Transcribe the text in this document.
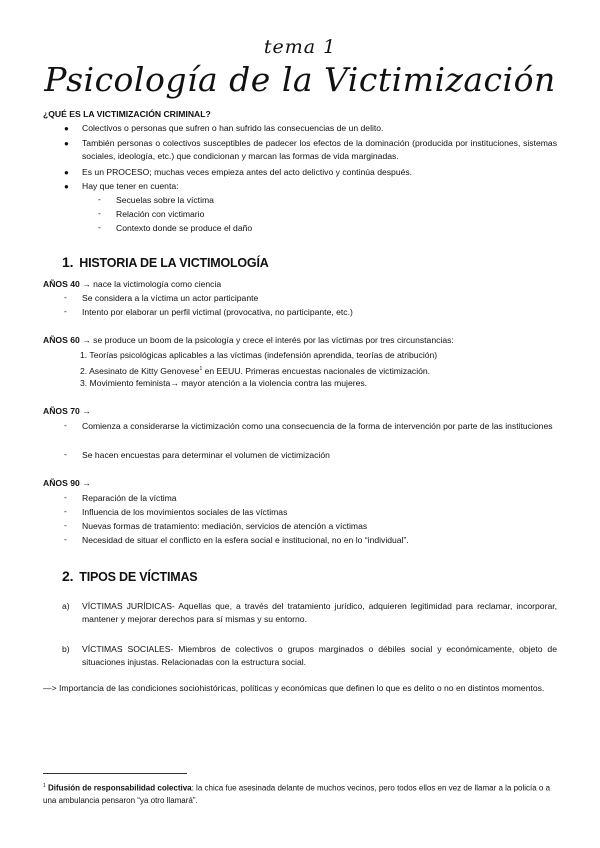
tema 1
Psicología de la Victimización
¿QUÉ ES LA VICTIMIZACIÓN CRIMINAL?
● Colectivos o personas que sufren o han sufrido las consecuencias de un delito.
● También personas o colectivos susceptibles de padecer los efectos de la dominación (producida por instituciones, sistemas sociales, ideología, etc.) que condicionan y marcan las formas de vida marginadas.
● Es un PROCESO; muchas veces empieza antes del acto delictivo y continúa después.
● Hay que tener en cuenta:
- Secuelas sobre la víctima
- Relación con victimario
- Contexto donde se produce el daño
1. HISTORIA DE LA VICTIMOLOGÍA
AÑOS 40 → nace la victimología como ciencia
- Se considera a la víctima un actor participante
- Intento por elaborar un perfil victimal (provocativa, no participante, etc.)
AÑOS 60 → se produce un boom de la psicología y crece el interés por las víctimas por tres circunstancias:
1. Teorías psicológicas aplicables a las víctimas (indefensión aprendida, teorías de atribución)
2. Asesinato de Kitty Genovese$^1$ en EEUU. Primeras encuestas nacionales de victimización.
3. Movimiento feminista→ mayor atención a la violencia contra las mujeres.
AÑOS 70 →
- Comienza a considerarse la victimización como una consecuencia de la forma de intervención por parte de las instituciones
- Se hacen encuestas para determinar el volumen de victimización
AÑOS 90 →
- Reparación de la víctima
- Influencia de los movimientos sociales de las víctimas
- Nuevas formas de tratamiento: mediación, servicios de atención a víctimas
- Necesidad de situar el conflicto en la esfera social e institucional, no en lo “individual”.
2. TIPOS DE VÍCTIMAS
a) VÍCTIMAS JURÍDICAS- Aquellas que, a través del tratamiento jurídico, adquieren legitimidad para reclamar, incorporar, mantener y mejorar derechos para sí mismas y su entorno.
b) VÍCTIMAS SOCIALES- Miembros de colectivos o grupos marginados o débiles social y económicamente, objeto de situaciones injustas. Relacionadas con la estructura social.
—> Importancia de las condiciones sociohistóricas, políticas y económicas que definen lo que es delito o no en distintos momentos.
$^1$ Difusión de responsabilidad colectiva: la chica fue asesinada delante de muchos vecinos, pero todos ellos en vez de llamar a la policía o a una ambulancia pensaron “ya otro llamará”.
